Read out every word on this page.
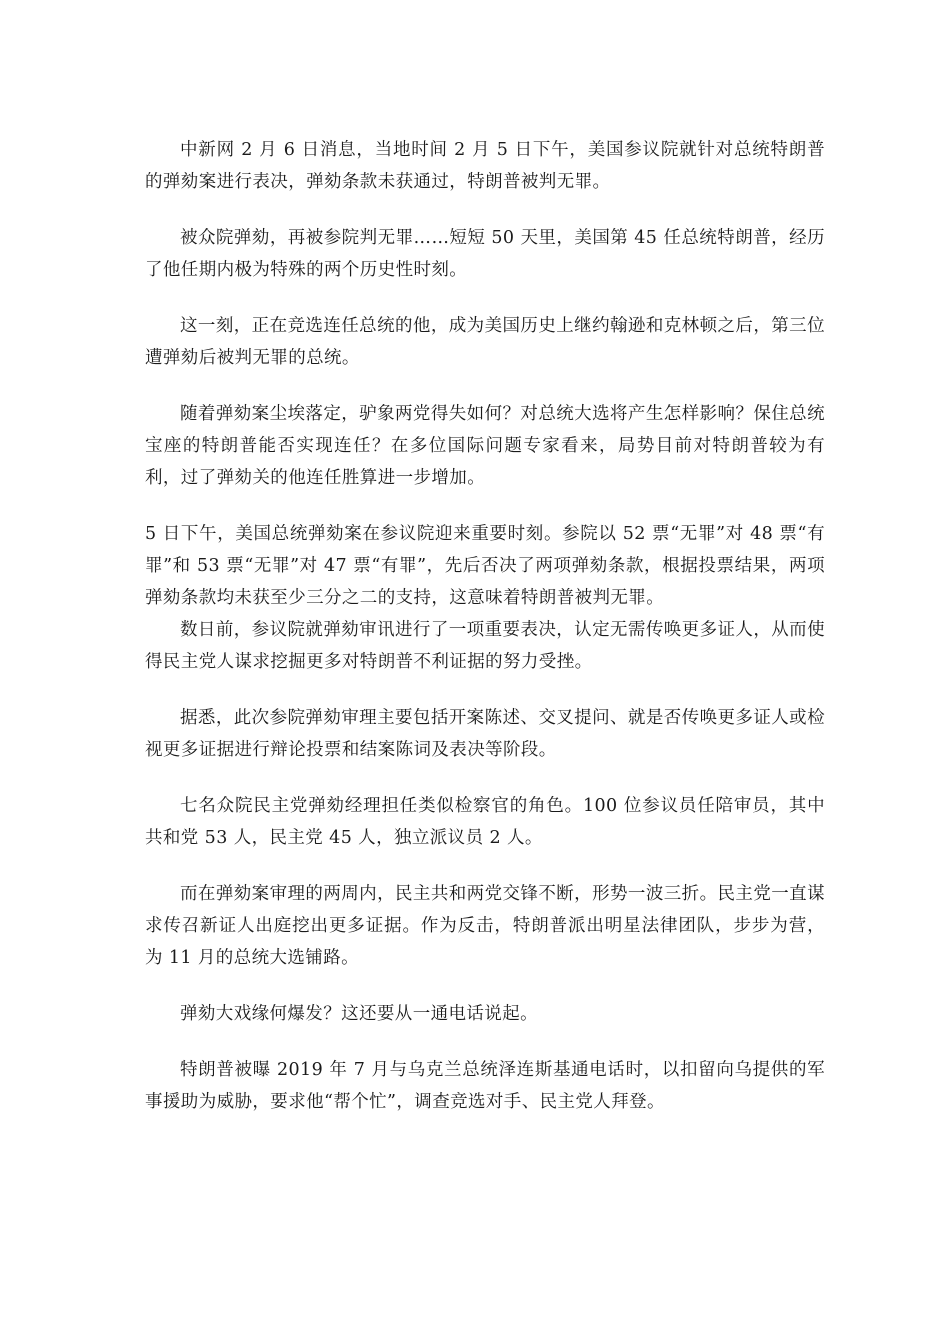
中新网 2 月 6 日消息，当地时间 2 月 5 日下午，美国参议院就针对总统特朗普的弹劾案进行表决，弹劾条款未获通过，特朗普被判无罪。

被众院弹劾，再被参院判无罪……短短 50 天里，美国第 45 任总统特朗普，经历了他任期内极为特殊的两个历史性时刻。

这一刻，正在竞选连任总统的他，成为美国历史上继约翰逊和克林顿之后，第三位遭弹劾后被判无罪的总统。

随着弹劾案尘埃落定，驴象两党得失如何？对总统大选将产生怎样影响？保住总统宝座的特朗普能否实现连任？在多位国际问题专家看来，局势目前对特朗普较为有利，过了弹劾关的他连任胜算进一步增加。

5 日下午，美国总统弹劾案在参议院迎来重要时刻。参院以 52 票“无罪”对 48 票“有罪”和 53 票“无罪”对 47 票“有罪”，先后否决了两项弹劾条款，根据投票结果，两项弹劾条款均未获至少三分之二的支持，这意味着特朗普被判无罪。

数日前，参议院就弹劾审讯进行了一项重要表决，认定无需传唤更多证人，从而使得民主党人谋求挖掘更多对特朗普不利证据的努力受挫。

据悉，此次参院弹劾审理主要包括开案陈述、交叉提问、就是否传唤更多证人或检视更多证据进行辩论投票和结案陈词及表决等阶段。

七名众院民主党弹劾经理担任类似检察官的角色。100 位参议员任陪审员，其中共和党 53 人，民主党 45 人，独立派议员 2 人。

而在弹劾案审理的两周内，民主共和两党交锋不断，形势一波三折。民主党一直谋求传召新证人出庭挖出更多证据。作为反击，特朗普派出明星法律团队，步步为营，为 11 月的总统大选铺路。

弹劾大戏缘何爆发？这还要从一通电话说起。

特朗普被曝 2019 年 7 月与乌克兰总统泽连斯基通电话时，以扣留向乌提供的军事援助为威胁，要求他“帮个忙”，调查竞选对手、民主党人拜登。
